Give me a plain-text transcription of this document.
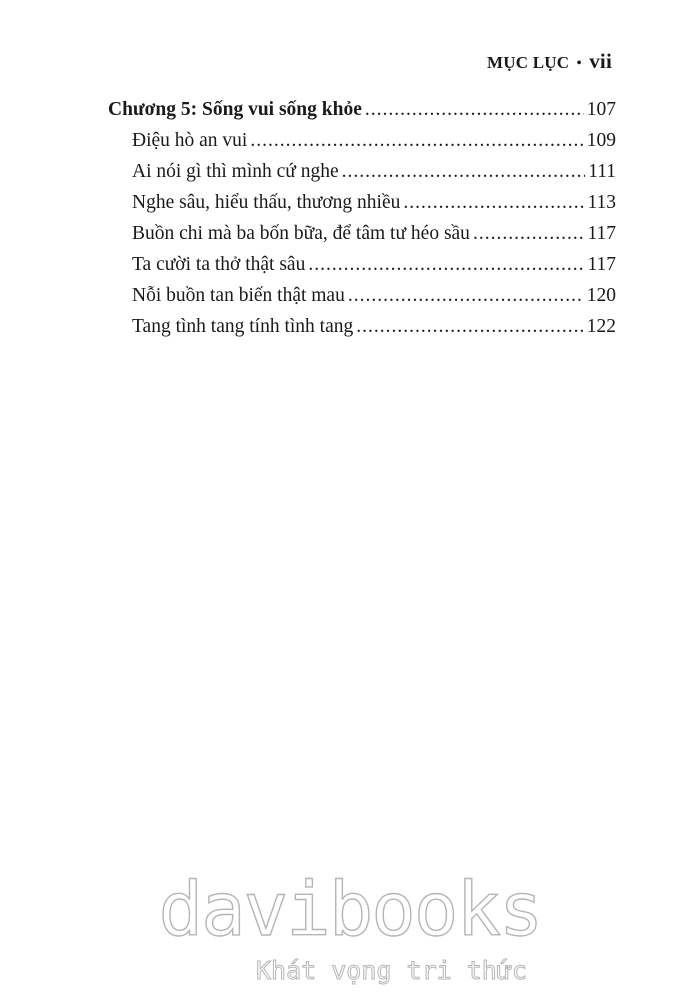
MỤC LỤC • vii
Chương 5: Sống vui sống khỏe .....	107
Điệu hò an vui .....	109
Ai nói gì thì mình cứ nghe .....	111
Nghe sâu, hiểu thấu, thương nhiều .....	113
Buồn chi mà ba bốn bữa, để tâm tư héo sầu .....	117
Ta cười ta thở thật sâu .....	117
Nỗi buồn tan biến thật mau .....	120
Tang tình tang tính tình tang .....	122
davibooks
Khát vọng tri thức
